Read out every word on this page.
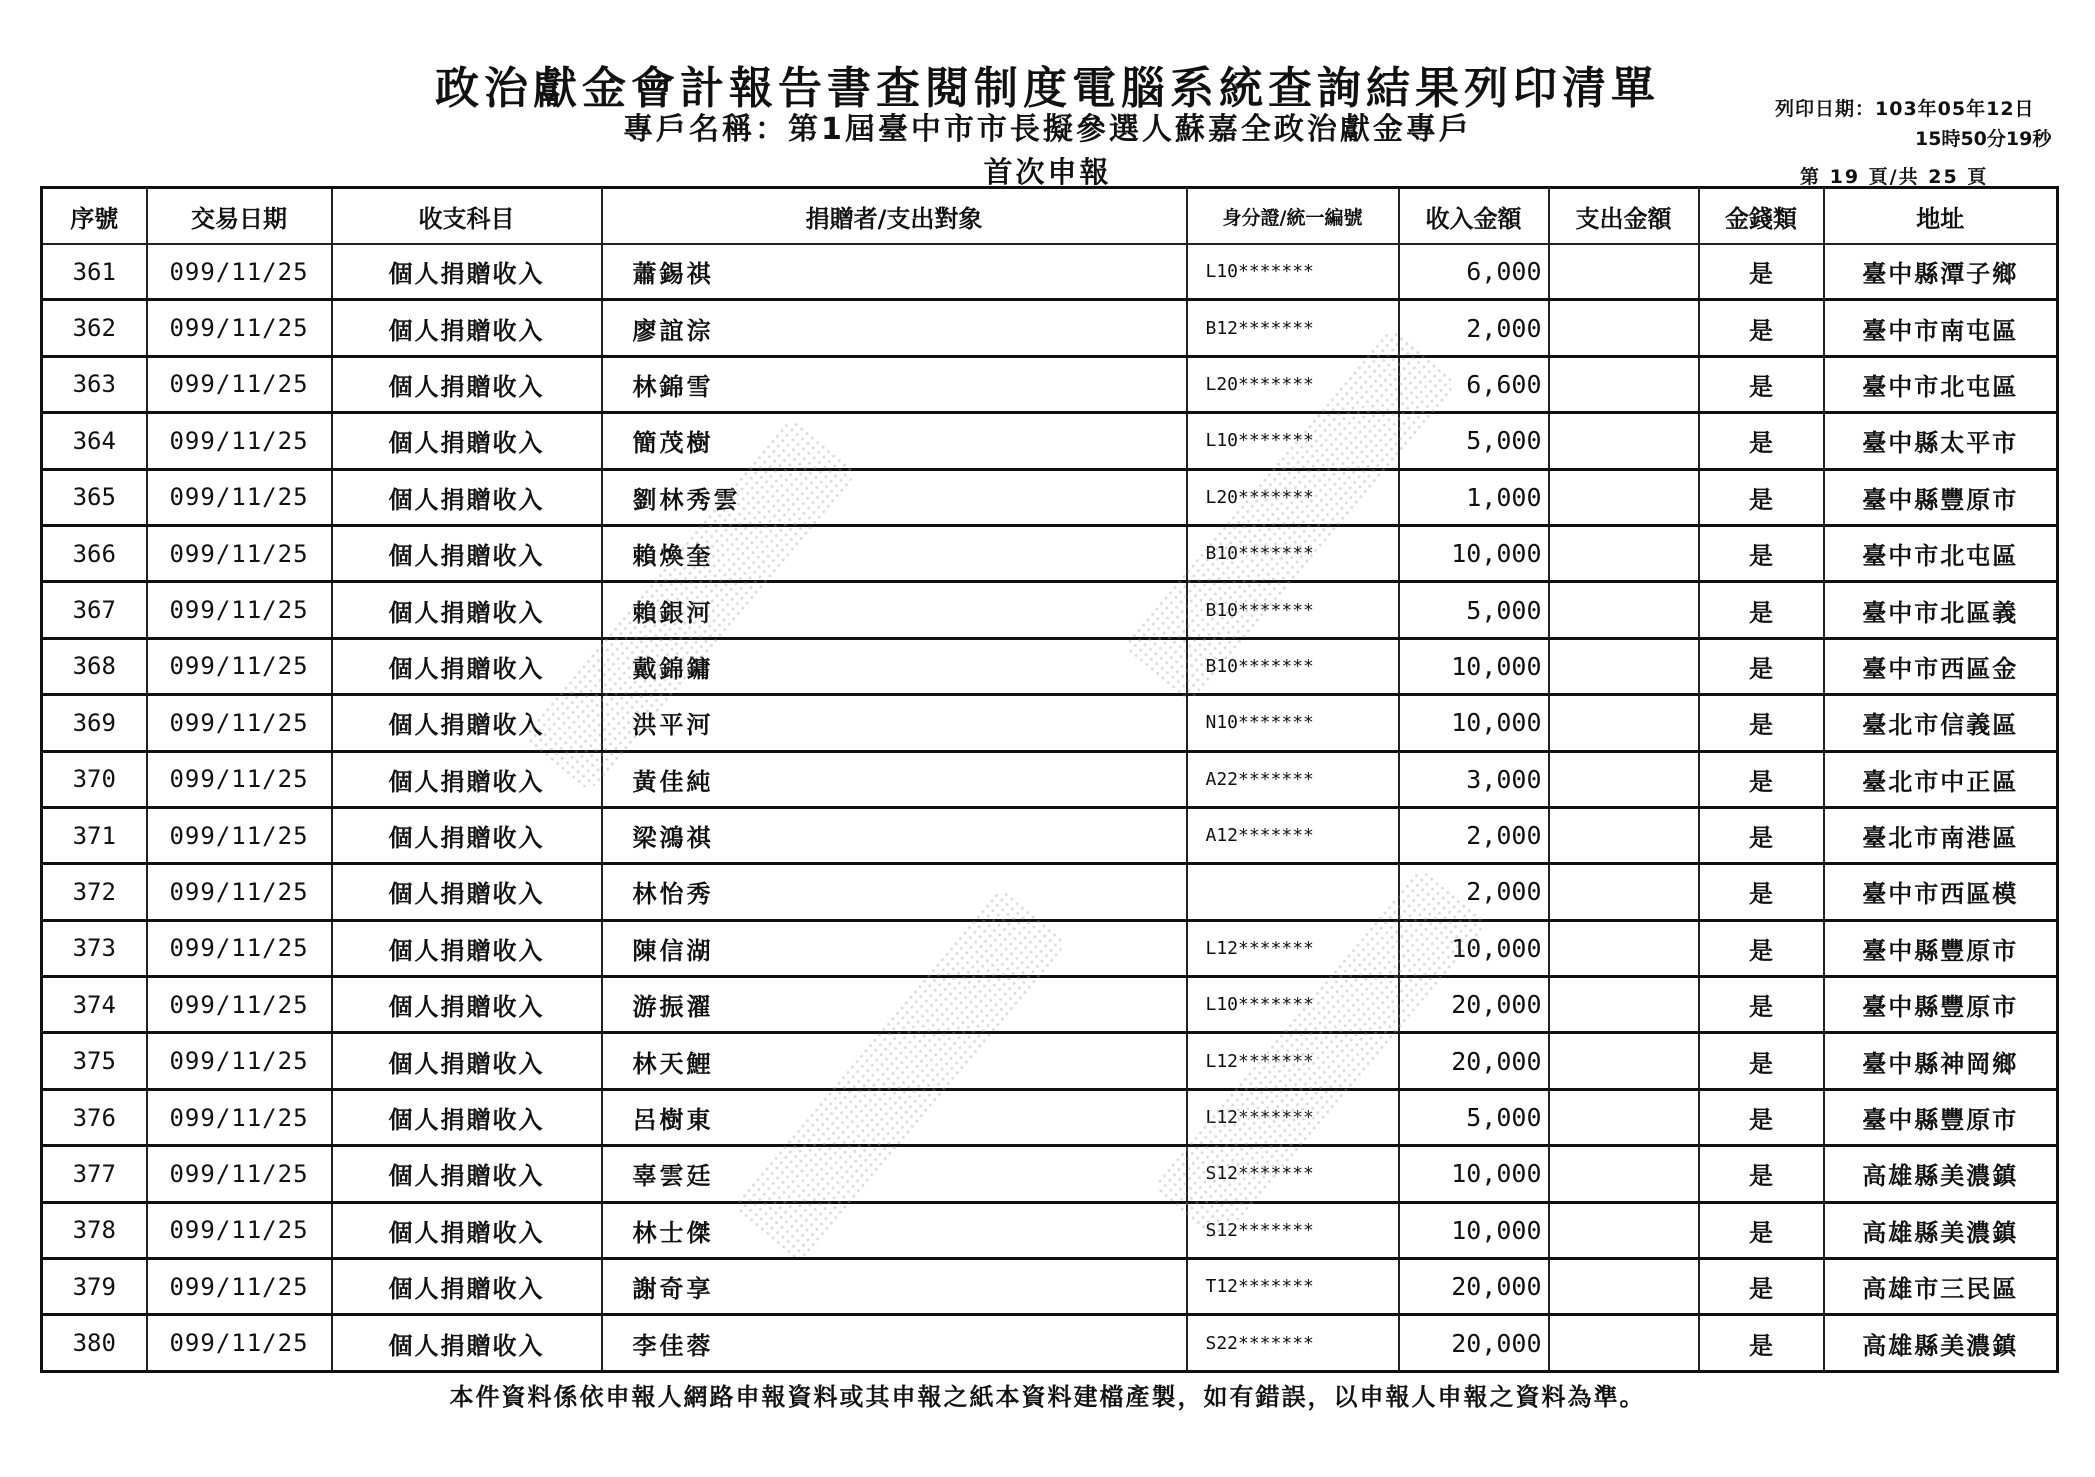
政治獻金會計報告書查閱制度電腦系統查詢結果列印清單
專戶名稱：第1屆臺中市市長擬參選人蘇嘉全政治獻金專戶
首次申報
列印日期：103年05年12日
15時50分19秒
第 19 頁/共 25 頁
序號	交易日期	收支科目	捐贈者/支出對象	身分證/統一編號	收入金額	支出金額	金錢類	地址
361	099/11/25	個人捐贈收入	蕭錫祺	L10*******	6,000		是	臺中縣潭子鄉
362	099/11/25	個人捐贈收入	廖誼淙	B12*******	2,000		是	臺中市南屯區
363	099/11/25	個人捐贈收入	林錦雪	L20*******	6,600		是	臺中市北屯區
364	099/11/25	個人捐贈收入	簡茂樹	L10*******	5,000		是	臺中縣太平市
365	099/11/25	個人捐贈收入	劉林秀雲	L20*******	1,000		是	臺中縣豐原市
366	099/11/25	個人捐贈收入	賴煥奎	B10*******	10,000		是	臺中市北屯區
367	099/11/25	個人捐贈收入	賴銀河	B10*******	5,000		是	臺中市北區義
368	099/11/25	個人捐贈收入	戴錦鏞	B10*******	10,000		是	臺中市西區金
369	099/11/25	個人捐贈收入	洪平河	N10*******	10,000		是	臺北市信義區
370	099/11/25	個人捐贈收入	黃佳純	A22*******	3,000		是	臺北市中正區
371	099/11/25	個人捐贈收入	梁鴻祺	A12*******	2,000		是	臺北市南港區
372	099/11/25	個人捐贈收入	林怡秀		2,000		是	臺中市西區模
373	099/11/25	個人捐贈收入	陳信湖	L12*******	10,000		是	臺中縣豐原市
374	099/11/25	個人捐贈收入	游振濯	L10*******	20,000		是	臺中縣豐原市
375	099/11/25	個人捐贈收入	林天鯉	L12*******	20,000		是	臺中縣神岡鄉
376	099/11/25	個人捐贈收入	呂樹東	L12*******	5,000		是	臺中縣豐原市
377	099/11/25	個人捐贈收入	辜雲廷	S12*******	10,000		是	高雄縣美濃鎮
378	099/11/25	個人捐贈收入	林士傑	S12*******	10,000		是	高雄縣美濃鎮
379	099/11/25	個人捐贈收入	謝奇享	T12*******	20,000		是	高雄市三民區
380	099/11/25	個人捐贈收入	李佳蓉	S22*******	20,000		是	高雄縣美濃鎮
本件資料係依申報人網路申報資料或其申報之紙本資料建檔產製，如有錯誤，以申報人申報之資料為準。
